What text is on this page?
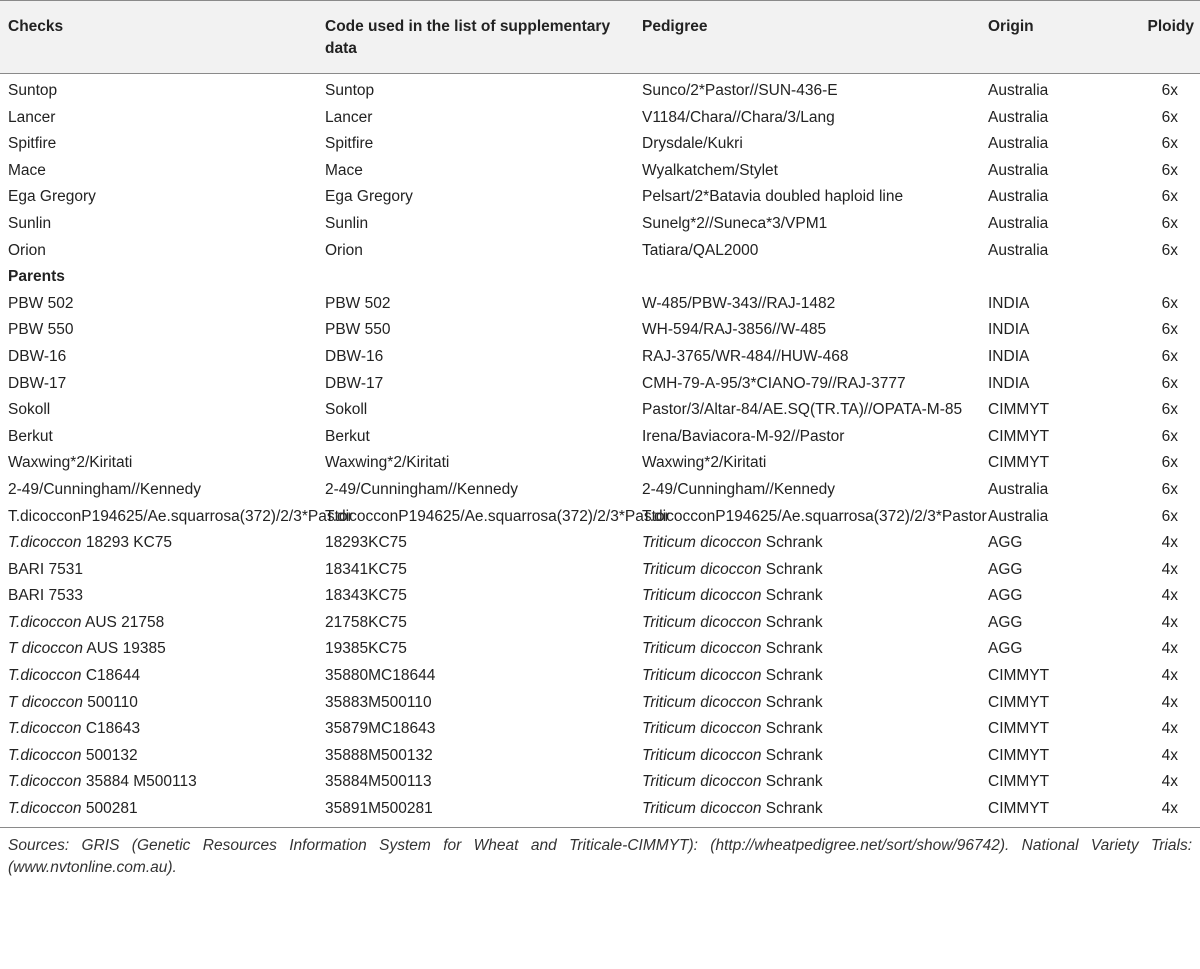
Checks	Code used in the list of supplementary data	Pedigree	Origin	Ploidy
Suntop	Suntop	Sunco/2*Pastor//SUN-436-E	Australia	6x
Lancer	Lancer	V1184/Chara//Chara/3/Lang	Australia	6x
Spitfire	Spitfire	Drysdale/Kukri	Australia	6x
Mace	Mace	Wyalkatchem/Stylet	Australia	6x
Ega Gregory	Ega Gregory	Pelsart/2*Batavia doubled haploid line	Australia	6x
Sunlin	Sunlin	Sunelg*2//Suneca*3/VPM1	Australia	6x
Orion	Orion	Tatiara/QAL2000	Australia	6x
Parents				
PBW 502	PBW 502	W-485/PBW-343//RAJ-1482	INDIA	6x
PBW 550	PBW 550	WH-594/RAJ-3856//W-485	INDIA	6x
DBW-16	DBW-16	RAJ-3765/WR-484//HUW-468	INDIA	6x
DBW-17	DBW-17	CMH-79-A-95/3*CIANO-79//RAJ-3777	INDIA	6x
Sokoll	Sokoll	Pastor/3/Altar-84/AE.SQ(TR.TA)//OPATA-M-85	CIMMYT	6x
Berkut	Berkut	Irena/Baviacora-M-92//Pastor	CIMMYT	6x
Waxwing*2/Kiritati	Waxwing*2/Kiritati	Waxwing*2/Kiritati	CIMMYT	6x
2-49/Cunningham//Kennedy	2-49/Cunningham//Kennedy	2-49/Cunningham//Kennedy	Australia	6x
T.dicocconP194625/Ae.squarrosa(372)/2/3*Pastor	T.dicocconP194625/Ae.squarrosa(372)/2/3*Pastor	T.dicocconP194625/Ae.squarrosa(372)/2/3*Pastor	Australia	6x
T.dicoccon 18293 KC75	18293KC75	Triticum dicoccon Schrank	AGG	4x
BARI 7531	18341KC75	Triticum dicoccon Schrank	AGG	4x
BARI 7533	18343KC75	Triticum dicoccon Schrank	AGG	4x
T.dicoccon AUS 21758	21758KC75	Triticum dicoccon Schrank	AGG	4x
T dicoccon AUS 19385	19385KC75	Triticum dicoccon Schrank	AGG	4x
T.dicoccon C18644	35880MC18644	Triticum dicoccon Schrank	CIMMYT	4x
T dicoccon 500110	35883M500110	Triticum dicoccon Schrank	CIMMYT	4x
T.dicoccon C18643	35879MC18643	Triticum dicoccon Schrank	CIMMYT	4x
T.dicoccon 500132	35888M500132	Triticum dicoccon Schrank	CIMMYT	4x
T.dicoccon 35884 M500113	35884M500113	Triticum dicoccon Schrank	CIMMYT	4x
T.dicoccon 500281	35891M500281	Triticum dicoccon Schrank	CIMMYT	4x
Sources: GRIS (Genetic Resources Information System for Wheat and Triticale-CIMMYT): (http://wheatpedigree.net/sort/show/96742). National Variety Trials: (www.nvtonline.com.au).
